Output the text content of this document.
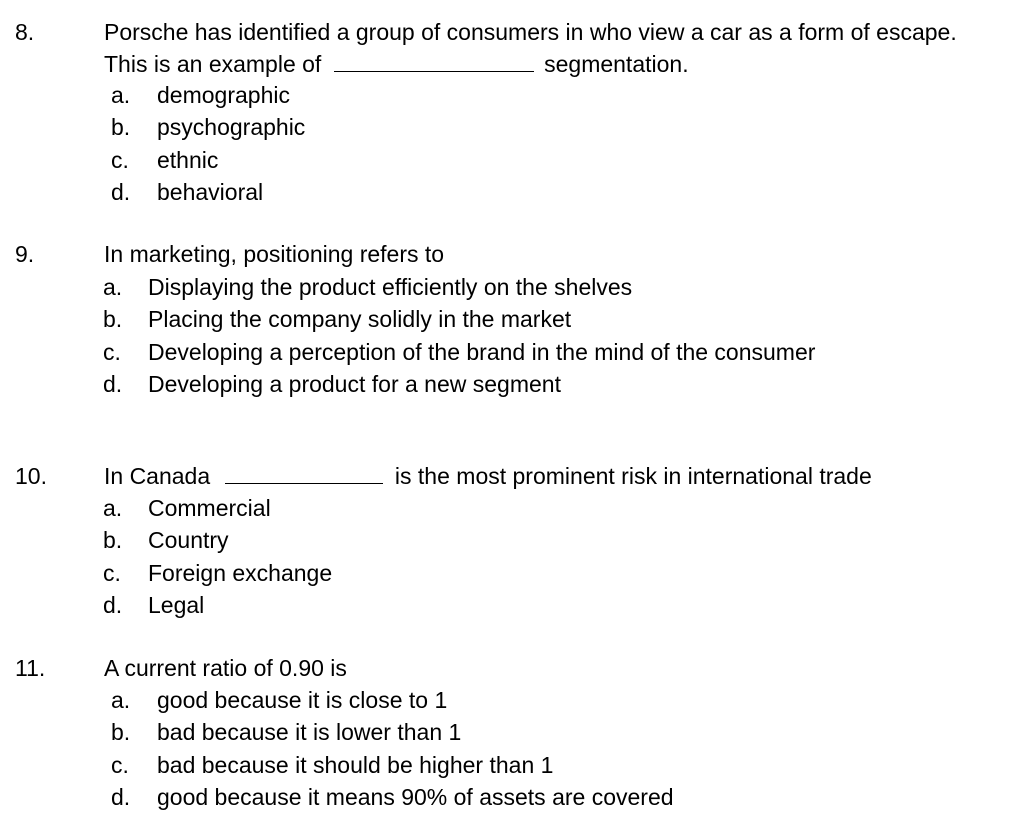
8.	Porsche has identified a group of consumers in who view a car as a form of escape.
This is an example of	segmentation.
a. demographic
b. psychographic
c. ethnic
d. behavioral
9.	In marketing, positioning refers to
a. Displaying the product efficiently on the shelves
b. Placing the company solidly in the market
c. Developing a perception of the brand in the mind of the consumer
d. Developing a product for a new segment
10. In Canada	is the most prominent risk in international trade
a. Commercial
b. Country
c. Foreign exchange
d. Legal
11.	A current ratio of 0.90 is
a. good because it is close to 1
b. bad because it is lower than 1
c. bad because it should be higher than 1
d. good because it means 90% of assets are covered
